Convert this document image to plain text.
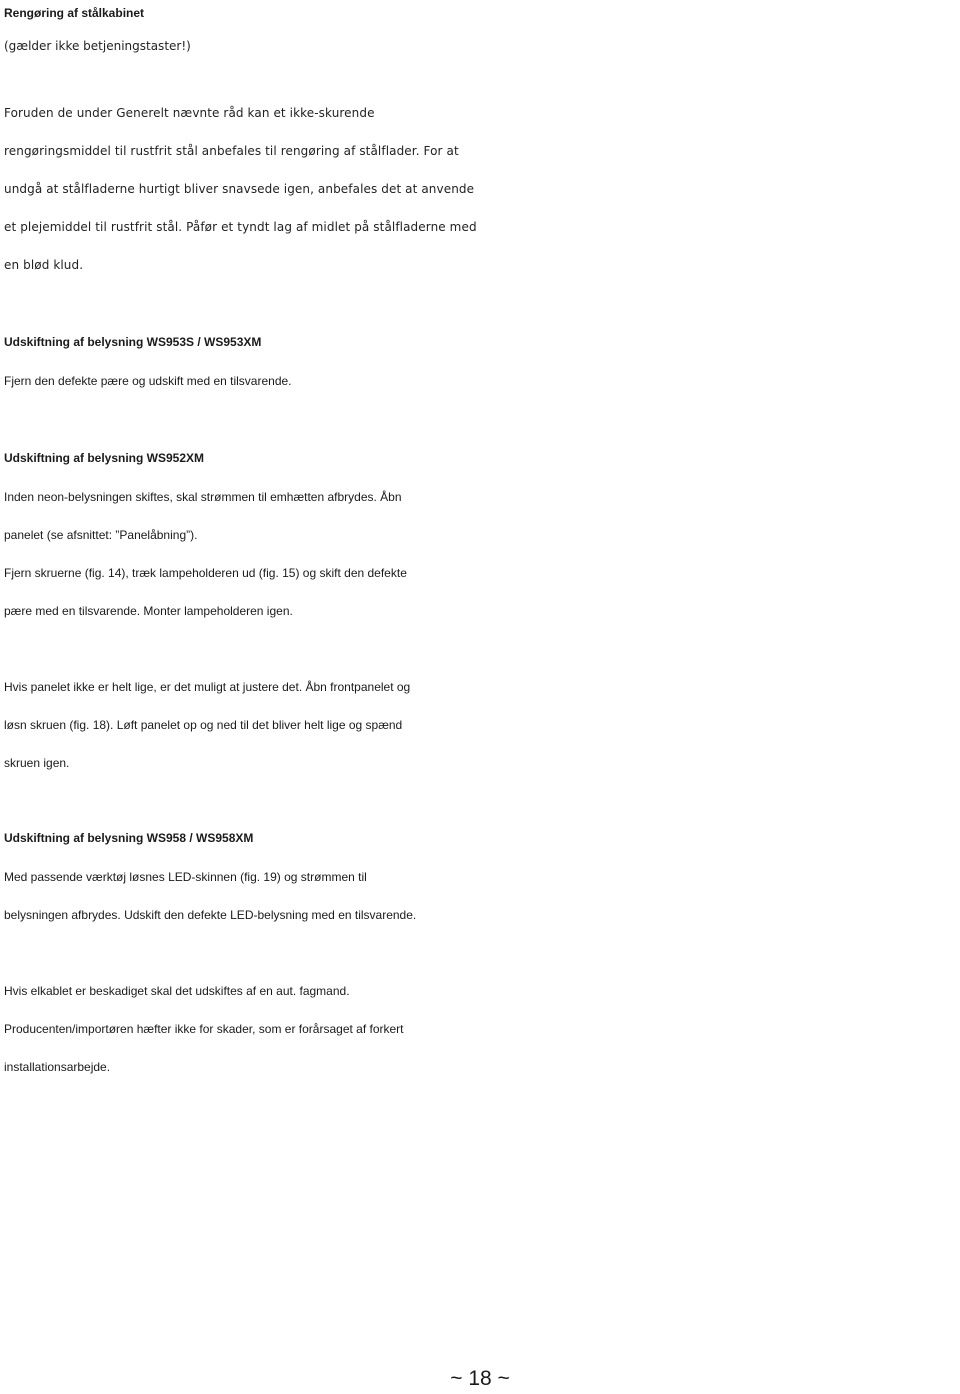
Rengøring af stålkabinet
(gælder ikke betjeningstaster!)
Foruden de under Generelt nævnte råd kan et ikke-skurende
rengøringsmiddel til rustfrit stål anbefales til rengøring af stålflader. For at
undgå at stålfladerne hurtigt bliver snavsede igen, anbefales det at anvende
et plejemiddel til rustfrit stål. Påfør et tyndt lag af midlet på stålfladerne med
en blød klud.
Udskiftning af belysning WS953S / WS953XM
Fjern den defekte pære og udskift med en tilsvarende.
Udskiftning af belysning WS952XM
Inden neon-belysningen skiftes, skal strømmen til emhætten afbrydes. Åbn
panelet (se afsnittet: ”Panelåbning”).
Fjern skruerne (fig. 14), træk lampeholderen ud (fig. 15) og skift den defekte
pære med en tilsvarende. Monter lampeholderen igen.
Hvis panelet ikke er helt lige, er det muligt at justere det. Åbn frontpanelet og
løsn skruen (fig. 18). Løft panelet op og ned til det bliver helt lige og spænd
skruen igen.
Udskiftning af belysning WS958 / WS958XM
Med passende værktøj løsnes LED-skinnen (fig. 19) og strømmen til
belysningen afbrydes. Udskift den defekte LED-belysning med en tilsvarende.
Hvis elkablet er beskadiget skal det udskiftes af en aut. fagmand.
Producenten/importøren hæfter ikke for skader, som er forårsaget af forkert
installationsarbejde.
~ 18 ~
